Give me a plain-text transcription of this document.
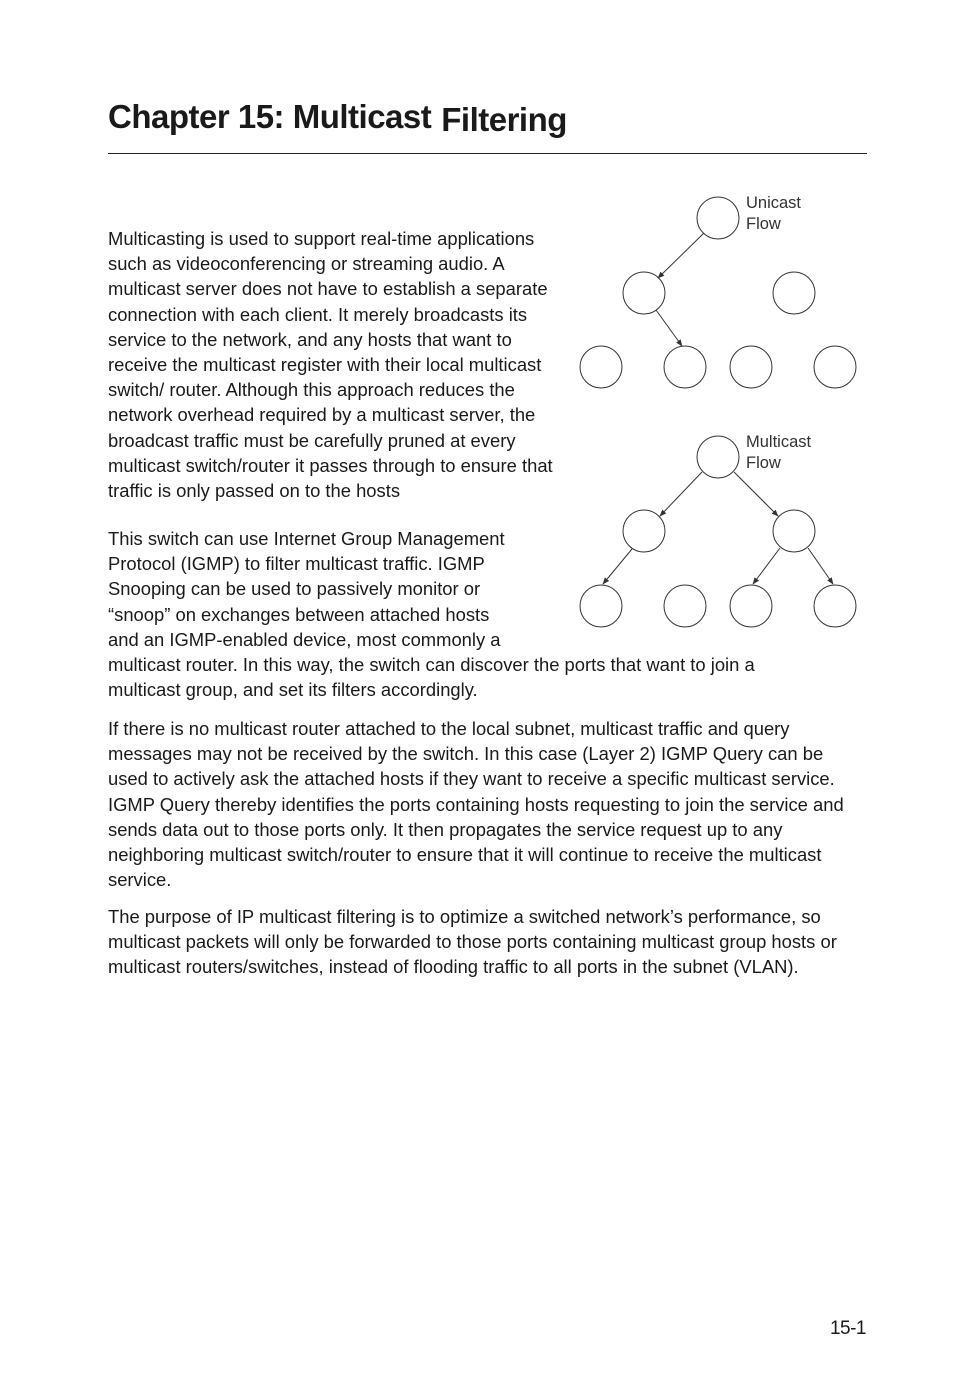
Chapter 15: Multicast Filtering

Multicasting is used to support real-time applications such as videoconferencing or streaming audio. A multicast server does not have to establish a separate connection with each client. It merely broadcasts its service to the network, and any hosts that want to receive the multicast register with their local multicast switch/ router. Although this approach reduces the network overhead required by a multicast server, the broadcast traffic must be carefully pruned at every multicast switch/router it passes through to ensure that traffic is only passed on to the hosts

This switch can use Internet Group Management
Protocol (IGMP) to filter multicast traffic. IGMP
Snooping can be used to passively monitor or
“snoop” on exchanges between attached hosts
and an IGMP-enabled device, most commonly a
multicast router. In this way, the switch can discover the ports that want to join a
multicast group, and set its filters accordingly.

If there is no multicast router attached to the local subnet, multicast traffic and query messages may not be received by the switch. In this case (Layer 2) IGMP Query can be used to actively ask the attached hosts if they want to receive a specific multicast service. IGMP Query thereby identifies the ports containing hosts requesting to join the service and sends data out to those ports only. It then propagates the service request up to any neighboring multicast switch/router to ensure that it will continue to receive the multicast service.

The purpose of IP multicast filtering is to optimize a switched network’s performance, so multicast packets will only be forwarded to those ports containing multicast group hosts or multicast routers/switches, instead of flooding traffic to all ports in the subnet (VLAN).

Unicast
Flow
Multicast
Flow

15-1
